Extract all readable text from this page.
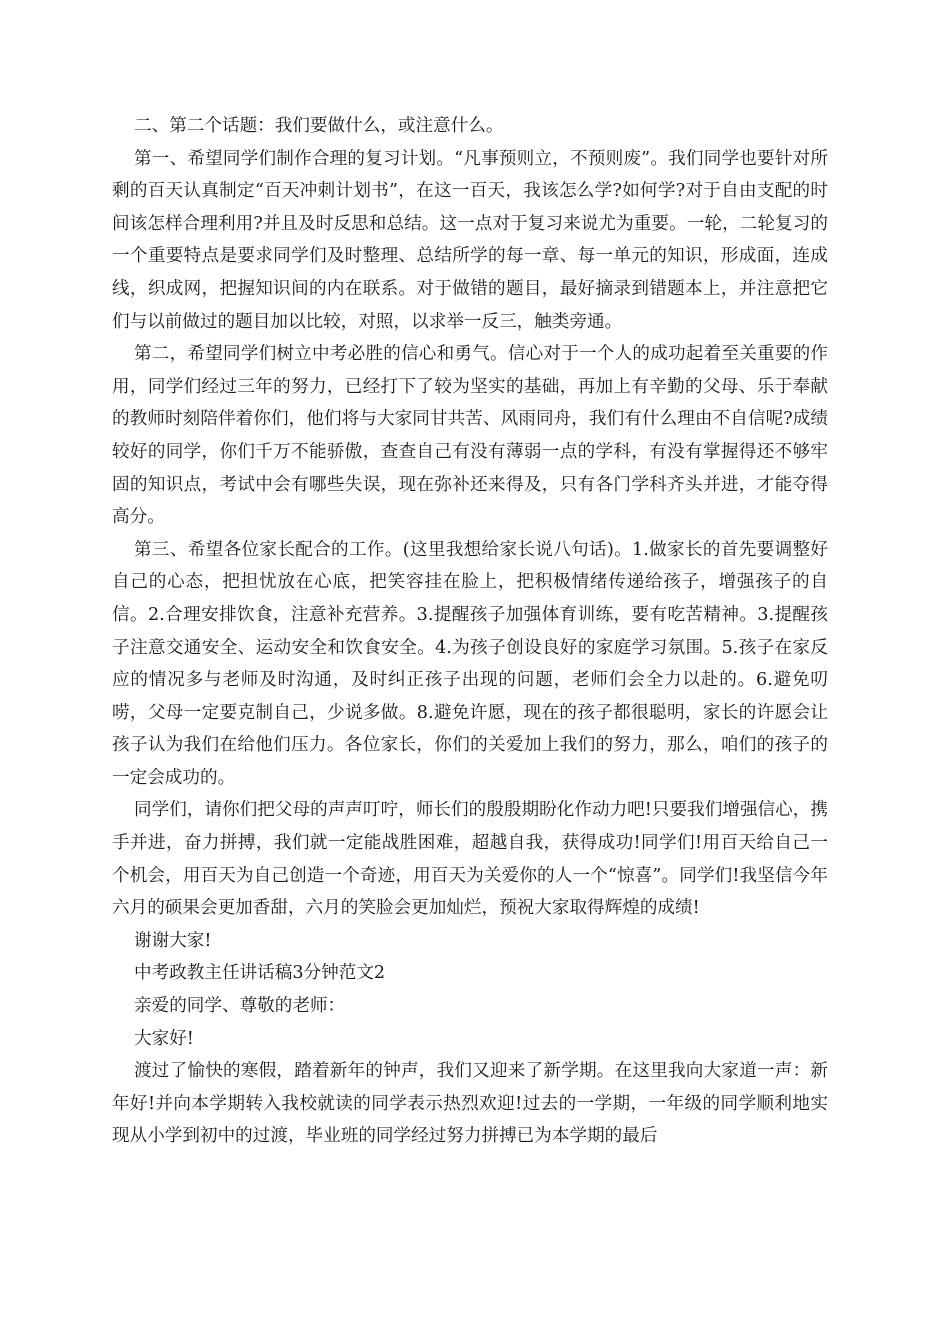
二、第二个话题：我们要做什么，或注意什么。

第一、希望同学们制作合理的复习计划。“凡事预则立，不预则废”。我们同学也要针对所剩的百天认真制定“百天冲刺计划书”，在这一百天，我该怎么学?如何学?对于自由支配的时间该怎样合理利用?并且及时反思和总结。这一点对于复习来说尤为重要。一轮，二轮复习的一个重要特点是要求同学们及时整理、总结所学的每一章、每一单元的知识，形成面，连成线，织成网，把握知识间的内在联系。对于做错的题目，最好摘录到错题本上，并注意把它们与以前做过的题目加以比较，对照，以求举一反三，触类旁通。

第二，希望同学们树立中考必胜的信心和勇气。信心对于一个人的成功起着至关重要的作用，同学们经过三年的努力，已经打下了较为坚实的基础，再加上有辛勤的父母、乐于奉献的教师时刻陪伴着你们，他们将与大家同甘共苦、风雨同舟，我们有什么理由不自信呢?成绩较好的同学，你们千万不能骄傲，查查自己有没有薄弱一点的学科，有没有掌握得还不够牢固的知识点，考试中会有哪些失误，现在弥补还来得及，只有各门学科齐头并进，才能夺得高分。

第三、希望各位家长配合的工作。(这里我想给家长说八句话)。1.做家长的首先要调整好自己的心态，把担忧放在心底，把笑容挂在脸上，把积极情绪传递给孩子，增强孩子的自信。2.合理安排饮食，注意补充营养。3.提醒孩子加强体育训练，要有吃苦精神。3.提醒孩子注意交通安全、运动安全和饮食安全。4.为孩子创设良好的家庭学习氛围。5.孩子在家反应的情况多与老师及时沟通，及时纠正孩子出现的问题，老师们会全力以赴的。6.避免叨唠，父母一定要克制自己，少说多做。8.避免许愿，现在的孩子都很聪明，家长的许愿会让孩子认为我们在给他们压力。各位家长，你们的关爱加上我们的努力，那么，咱们的孩子的一定会成功的。

同学们，请你们把父母的声声叮咛，师长们的殷殷期盼化作动力吧!只要我们增强信心，携手并进，奋力拼搏，我们就一定能战胜困难，超越自我，获得成功!同学们!用百天给自己一个机会，用百天为自己创造一个奇迹，用百天为关爱你的人一个“惊喜”。同学们!我坚信今年六月的硕果会更加香甜，六月的笑脸会更加灿烂，预祝大家取得辉煌的成绩!

谢谢大家!

中考政教主任讲话稿3分钟范文2

亲爱的同学、尊敬的老师：

大家好!

渡过了愉快的寒假，踏着新年的钟声，我们又迎来了新学期。在这里我向大家道一声：新年好!并向本学期转入我校就读的同学表示热烈欢迎!过去的一学期，一年级的同学顺利地实现从小学到初中的过渡，毕业班的同学经过努力拼搏已为本学期的最后
